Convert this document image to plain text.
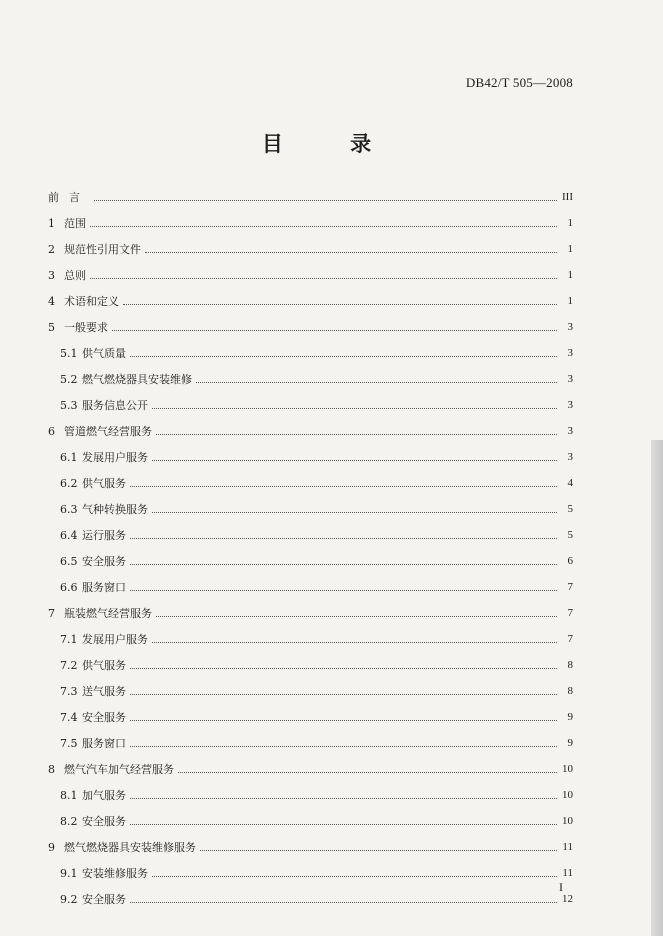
DB42/T 505—2008
目 录
前言	III
1 范围	1
2 规范性引用文件	1
3 总则	1
4 术语和定义	1
5 一般要求	3
5.1 供气质量	3
5.2 燃气燃烧器具安装维修	3
5.3 服务信息公开	3
6 管道燃气经营服务	3
6.1 发展用户服务	3
6.2 供气服务	4
6.3 气种转换服务	5
6.4 运行服务	5
6.5 安全服务	6
6.6 服务窗口	7
7 瓶装燃气经营服务	7
7.1 发展用户服务	7
7.2 供气服务	8
7.3 送气服务	8
7.4 安全服务	9
7.5 服务窗口	9
8 燃气汽车加气经营服务	10
8.1 加气服务	10
8.2 安全服务	10
9 燃气燃烧器具安装维修服务	11
9.1 安装维修服务	11
9.2 安全服务	12
I
